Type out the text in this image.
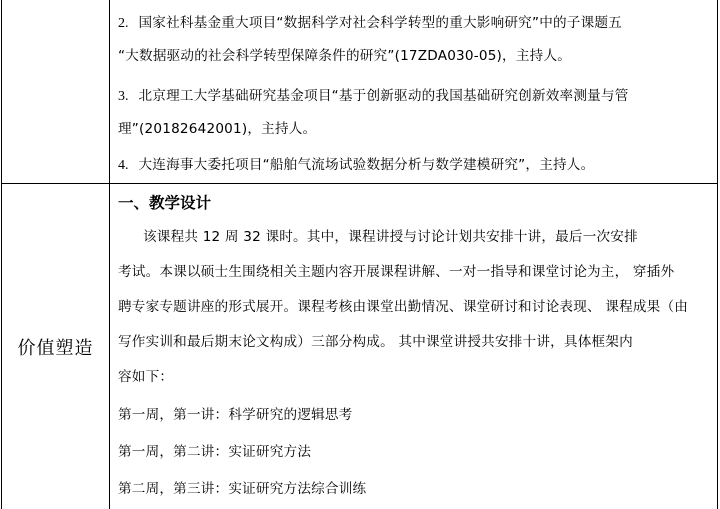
价值塑造
2. 国家社科基金重大项目“数据科学对社会科学转型的重大影响研究”中的子课题五
“大数据驱动的社会科学转型保障条件的研究”(17ZDA030-05)，主持人。
3. 北京理工大学基础研究基金项目“基于创新驱动的我国基础研究创新效率测量与管
理”(20182642001)，主持人。
4. 大连海事大委托项目“船舶气流场试验数据分析与数学建模研究”，主持人。
一、教学设计
该课程共 12 周 32 课时。其中，课程讲授与讨论计划共安排十讲，最后一次安排
考试。本课以硕士生围绕相关主题内容开展课程讲解、一对一指导和课堂讨论为主， 穿插外
聘专家专题讲座的形式展开。课程考核由课堂出勤情况、课堂研讨和讨论表现、 课程成果（由
写作实训和最后期末论文构成）三部分构成。 其中课堂讲授共安排十讲，具体框架内
容如下：
第一周，第一讲：科学研究的逻辑思考
第一周，第二讲：实证研究方法
第二周，第三讲：实证研究方法综合训练
